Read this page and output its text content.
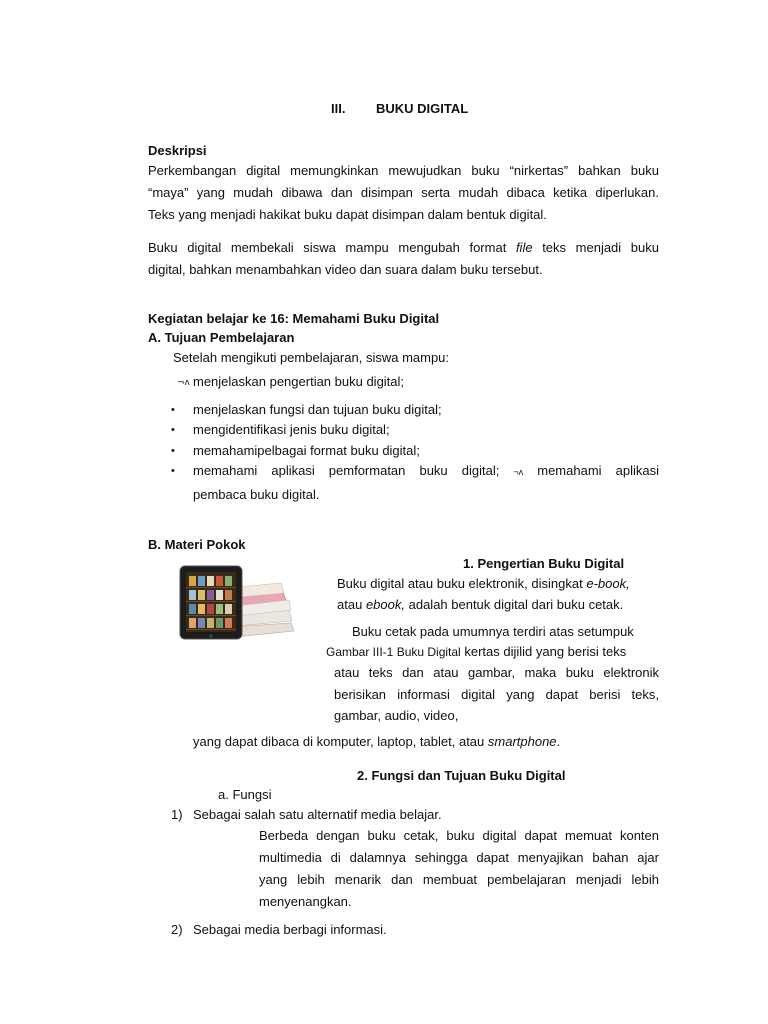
III. BUKU DIGITAL
Deskripsi
Perkembangan digital memungkinkan mewujudkan buku “nirkertas” bahkan buku
“maya” yang mudah dibawa dan disimpan serta mudah dibaca ketika diperlukan.
Teks yang menjadi hakikat buku dapat disimpan dalam bentuk digital.
Buku digital membekali siswa mampu mengubah format file teks menjadi buku
digital, bahkan menambahkan video dan suara dalam buku tersebut.
Kegiatan belajar ke 16: Memahami Buku Digital
A. Tujuan Pembelajaran
Setelah mengikuti pembelajaran, siswa mampu:
¬ʌ menjelaskan pengertian buku digital;
• menjelaskan fungsi dan tujuan buku digital;
• mengidentifikasi jenis buku digital;
• memahamipelbagai format buku digital;
• memahami aplikasi pemformatan buku digital; ¬ʌ memahami aplikasi
pembaca buku digital.
B. Materi Pokok
1. Pengertian Buku Digital
Buku digital atau buku elektronik, disingkat e-book,
atau ebook, adalah bentuk digital dari buku cetak.
Buku cetak pada umumnya terdiri atas setumpuk
Gambar III-1 Buku Digital kertas dijilid yang berisi teks
atau teks dan atau gambar, maka buku elektronik
berisikan informasi digital yang dapat berisi teks,
gambar, audio, video,
yang dapat dibaca di komputer, laptop, tablet, atau smartphone.
2. Fungsi dan Tujuan Buku Digital
a. Fungsi
1) Sebagai salah satu alternatif media belajar.
Berbeda dengan buku cetak, buku digital dapat memuat konten
multimedia di dalamnya sehingga dapat menyajikan bahan ajar
yang lebih menarik dan membuat pembelajaran menjadi lebih
menyenangkan.
2) Sebagai media berbagi informasi.
